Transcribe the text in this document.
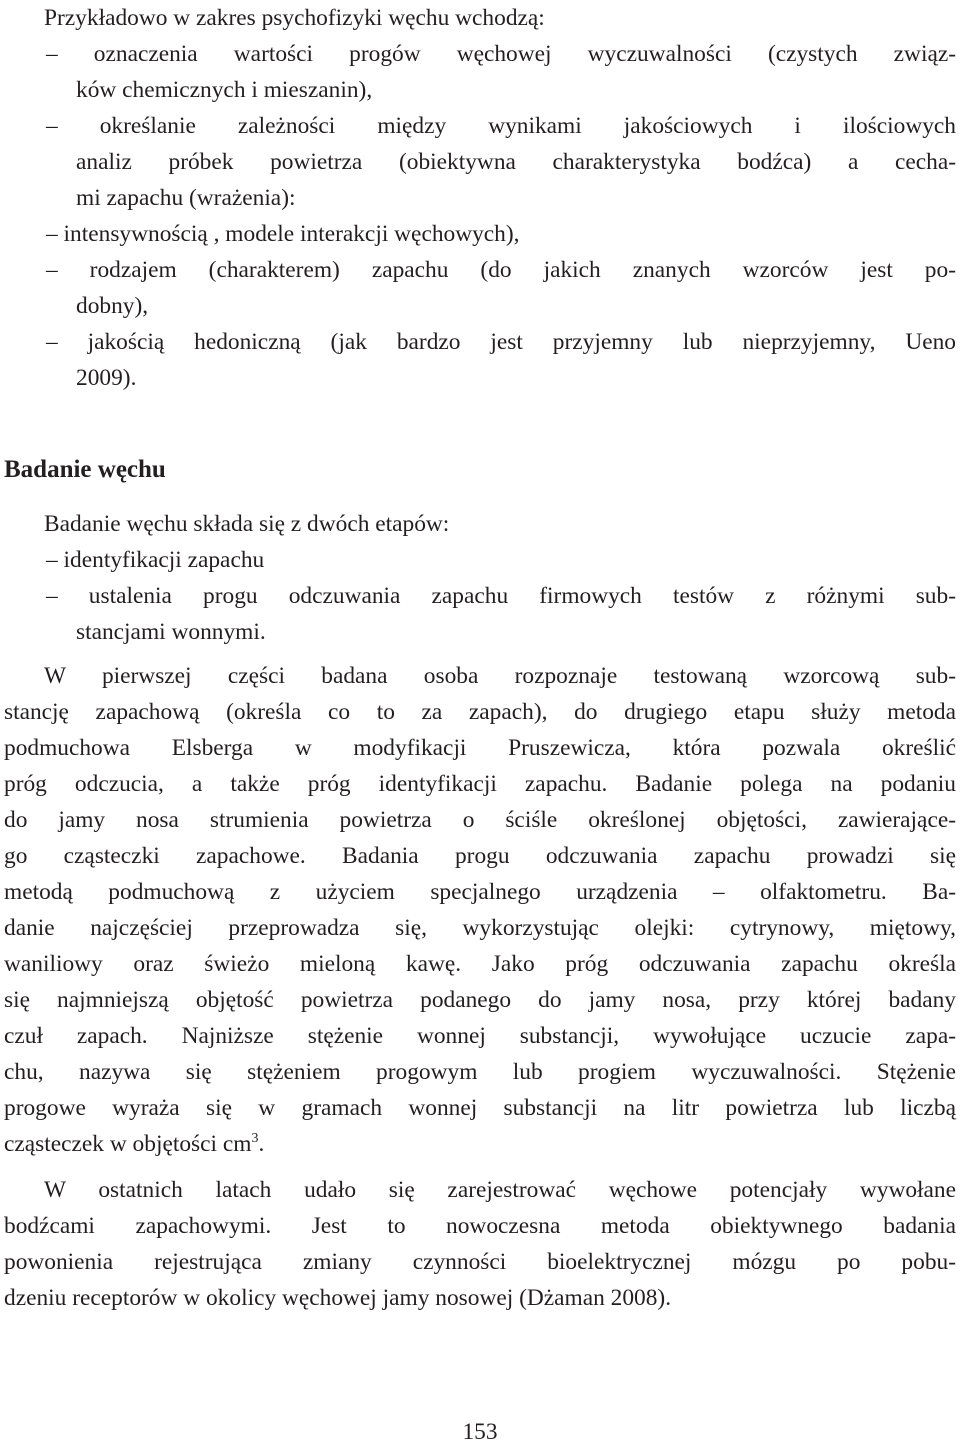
Przykładowo w zakres psychofizyki węchu wchodzą:
– oznaczenia wartości progów węchowej wyczuwalności (czystych związ-
ków chemicznych i mieszanin),
– określanie zależności między wynikami jakościowych i ilościowych
analiz próbek powietrza (obiektywna charakterystyka bodźca) a cecha-
mi zapachu (wrażenia):
– intensywnością , modele interakcji węchowych),
– rodzajem (charakterem) zapachu (do jakich znanych wzorców jest po-
dobny),
– jakością hedoniczną (jak bardzo jest przyjemny lub nieprzyjemny, Ueno
2009).
Badanie węchu
Badanie węchu składa się z dwóch etapów:
– identyfikacji zapachu
– ustalenia progu odczuwania zapachu firmowych testów z różnymi sub-
stancjami wonnymi.
W pierwszej części badana osoba rozpoznaje testowaną wzorcową sub-
stancję zapachową (określa co to za zapach), do drugiego etapu służy metoda
podmuchowa Elsberga w modyfikacji Pruszewicza, która pozwala określić
próg odczucia, a także próg identyfikacji zapachu. Badanie polega na podaniu
do jamy nosa strumienia powietrza o ściśle określonej objętości, zawierające-
go cząsteczki zapachowe. Badania progu odczuwania zapachu prowadzi się
metodą podmuchową z użyciem specjalnego urządzenia – olfaktometru. Ba-
danie najczęściej przeprowadza się, wykorzystując olejki: cytrynowy, miętowy,
waniliowy oraz świeżo mieloną kawę. Jako próg odczuwania zapachu określa
się najmniejszą objętość powietrza podanego do jamy nosa, przy której badany
czuł zapach. Najniższe stężenie wonnej substancji, wywołujące uczucie zapa-
chu, nazywa się stężeniem progowym lub progiem wyczuwalności. Stężenie
progowe wyraża się w gramach wonnej substancji na litr powietrza lub liczbą
cząsteczek w objętości $cm^3$.
W ostatnich latach udało się zarejestrować węchowe potencjały wywołane
bodźcami zapachowymi. Jest to nowoczesna metoda obiektywnego badania
powonienia rejestrująca zmiany czynności bioelektrycznej mózgu po pobu-
dzeniu receptorów w okolicy węchowej jamy nosowej (Dżaman 2008).
153
